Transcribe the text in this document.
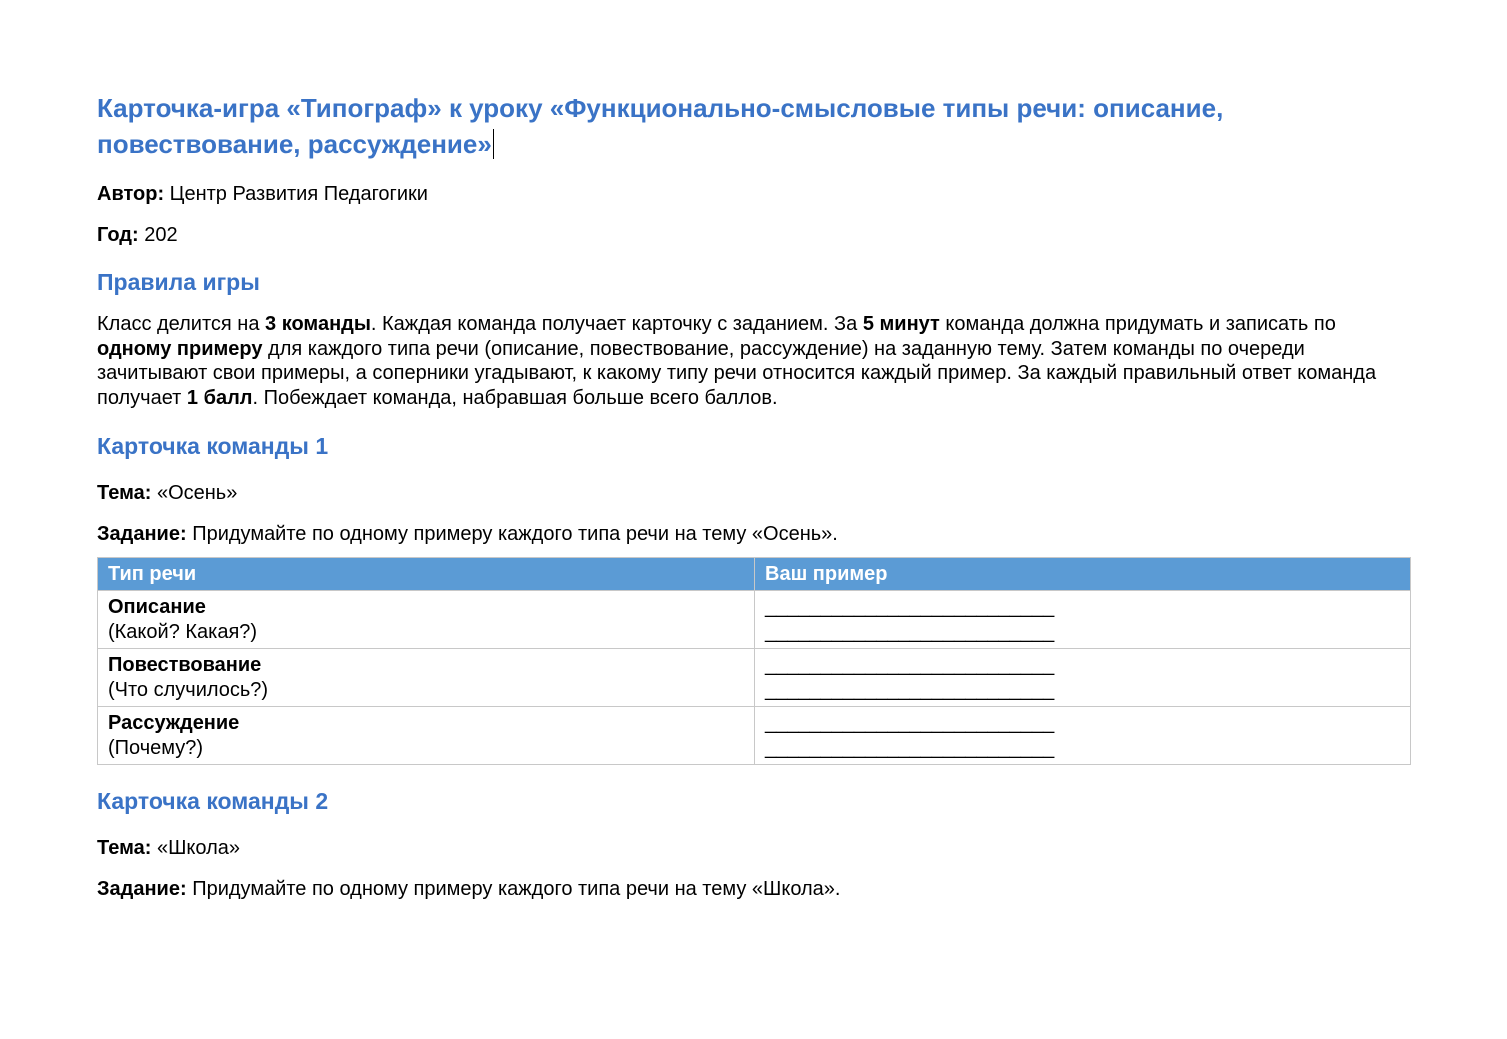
Карточка-игра «Типограф» к уроку «Функционально-смысловые типы речи: описание, повествование, рассуждение»

Автор: Центр Развития Педагогики

Год: 202

Правила игры

Класс делится на 3 команды. Каждая команда получает карточку с заданием. За 5 минут команда должна придумать и записать по одному примеру для каждого типа речи (описание, повествование, рассуждение) на заданную тему. Затем команды по очереди зачитывают свои примеры, а соперники угадывают, к какому типу речи относится каждый пример. За каждый правильный ответ команда получает 1 балл. Побеждает команда, набравшая больше всего баллов.

Карточка команды 1

Тема: «Осень»

Задание: Придумайте по одному примеру каждого типа речи на тему «Осень».

Тип речи	Ваш пример

Описание
(Какой? Какая?)	__________________________
__________________________

Повествование
(Что случилось?)	__________________________
__________________________

Рассуждение
(Почему?)	__________________________
__________________________
Карточка команды 2

Тема: «Школа»

Задание: Придумайте по одному примеру каждого типа речи на тему «Школа».
